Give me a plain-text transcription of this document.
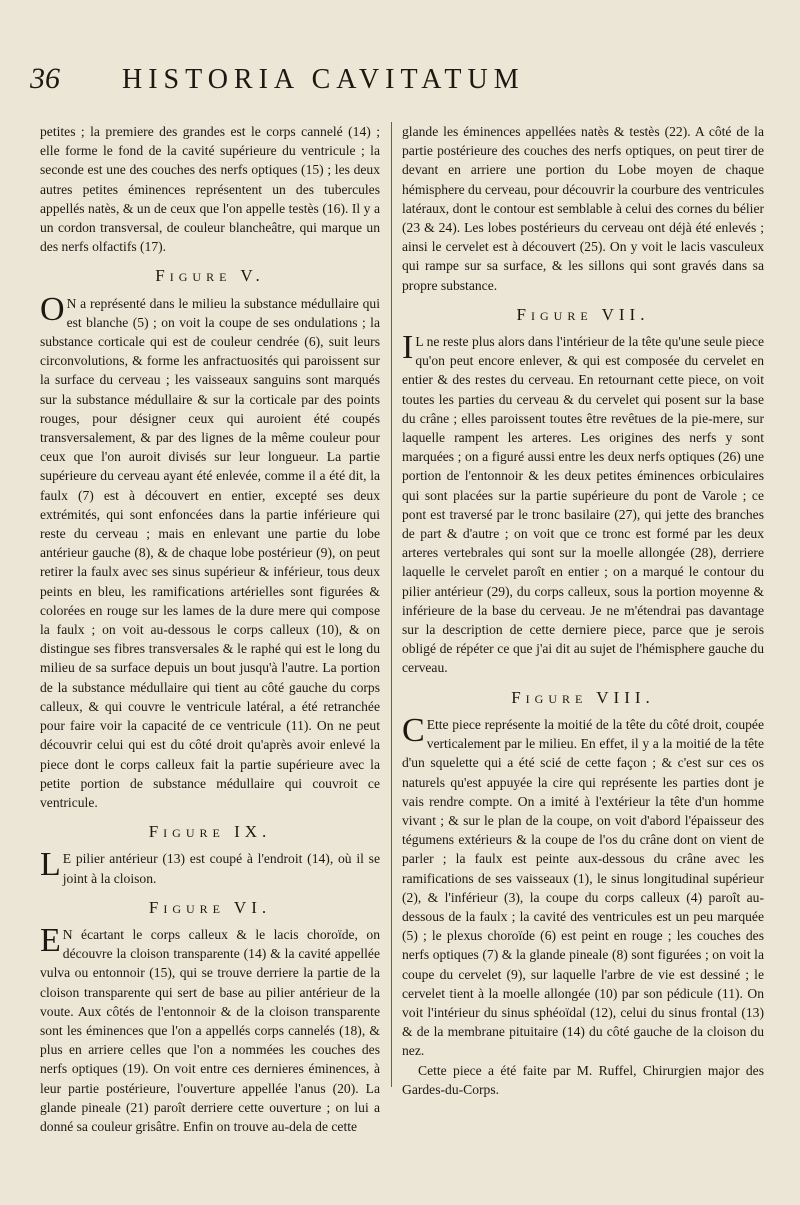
36 HISTORIA CAVITATUM

petites ; la premiere des grandes est le corps cannelé (14) ; elle forme le fond de la cavité supérieure du ventricule ; la seconde est une des couches des nerfs optiques (15) ; les deux autres petites éminences représentent un des tubercules appellés natès, & un de ceux que l'on appelle testès (16). Il y a un cordon transversal, de couleur blancheâtre, qui marque un des nerfs olfactifs (17).

Figure V.

O N a représenté dans le milieu la substance médullaire qui est blanche (5) ; on voit la coupe de ses ondulations ; la substance corticale qui est de couleur cendrée (6), suit leurs circonvolutions, & forme les anfractuosités qui paroissent sur la surface du cerveau ; les vaisseaux sanguins sont marqués sur la substance médullaire & sur la corticale par des points rouges, pour désigner ceux qui auroient été coupés transversalement, & par des lignes de la même couleur pour ceux que l'on auroit divisés sur leur longueur. La partie supérieure du cerveau ayant été enlevée, comme il a été dit, la faulx (7) est à découvert en entier, excepté ses deux extrémités, qui sont enfoncées dans la partie inférieure qui reste du cerveau ; mais en enlevant une partie du lobe antérieur gauche (8), & de chaque lobe postérieur (9), on peut retirer la faulx avec ses sinus supérieur & inférieur, tous deux peints en bleu, les ramifications artérielles sont figurées & colorées en rouge sur les lames de la dure mere qui compose la faulx ; on voit au-dessous le corps calleux (10), & on distingue ses fibres transversales & le raphé qui est le long du milieu de sa surface depuis un bout jusqu'à l'autre. La portion de la substance médullaire qui tient au côté gauche du corps calleux, & qui couvre le ventricule latéral, a été retranchée pour faire voir la capacité de ce ventricule (11). On ne peut découvrir celui qui est du côté droit qu'après avoir enlevé la piece dont le corps calleux fait la partie supérieure avec la petite portion de substance médullaire qui couvroit ce ventricule.

Figure IX.

L E pilier antérieur (13) est coupé à l'endroit (14), où il se joint à la cloison.

Figure VI.

E N écartant le corps calleux & le lacis choroïde, on découvre la cloison transparente (14) & la cavité appellée vulva ou entonnoir (15), qui se trouve derriere la partie de la cloison transparente qui sert de base au pilier antérieur de la voute. Aux côtés de l'entonnoir & de la cloison transparente sont les éminences que l'on a appellés corps cannelés (18), & plus en arriere celles que l'on a nommées les couches des nerfs optiques (19). On voit entre ces dernieres éminences, à leur partie postérieure, l'ouverture appellée l'anus (20). La glande pineale (21) paroît derriere cette ouverture ; on lui a donné sa couleur grisâtre. Enfin on trouve au-dela de cette

glande les éminences appellées natès & testès (22). A côté de la partie postérieure des couches des nerfs optiques, on peut tirer de devant en arriere une portion du Lobe moyen de chaque hémisphere du cerveau, pour découvrir la courbure des ventricules latéraux, dont le contour est semblable à celui des cornes du bélier (23 & 24). Les lobes postérieurs du cerveau ont déjà été enlevés ; ainsi le cervelet est à découvert (25). On y voit le lacis vasculeux qui rampe sur sa surface, & les sillons qui sont gravés dans sa propre substance.

Figure VII.

I L ne reste plus alors dans l'intérieur de la tête qu'une seule piece qu'on peut encore enlever, & qui est composée du cervelet en entier & des restes du cerveau. En retournant cette piece, on voit toutes les parties du cerveau & du cervelet qui posent sur la base du crâne ; elles paroissent toutes être revêtues de la pie-mere, sur laquelle rampent les arteres. Les origines des nerfs y sont marquées ; on a figuré aussi entre les deux nerfs optiques (26) une portion de l'entonnoir & les deux petites éminences orbiculaires qui sont placées sur la partie supérieure du pont de Varole ; ce pont est traversé par le tronc basilaire (27), qui jette des branches de part & d'autre ; on voit que ce tronc est formé par les deux arteres vertebrales qui sont sur la moelle allongée (28), derriere laquelle le cervelet paroît en entier ; on a marqué le contour du pilier antérieur (29), du corps calleux, sous la portion moyenne & inférieure de la base du cerveau. Je ne m'étendrai pas davantage sur la description de cette derniere piece, parce que je serois obligé de répéter ce que j'ai dit au sujet de l'hémisphere gauche du cerveau.

Figure VIII.

C Ette piece représente la moitié de la tête du côté droit, coupée verticalement par le milieu. En effet, il y a la moitié de la tête d'un squelette qui a été scié de cette façon ; & c'est sur ces os naturels qu'est appuyée la cire qui représente les parties dont je vais rendre compte. On a imité à l'extérieur la tête d'un homme vivant ; & sur le plan de la coupe, on voit d'abord l'épaisseur des tégumens extérieurs & la coupe de l'os du crâne dont on vient de parler ; la faulx est peinte aux-dessous du crâne avec les ramifications de ses vaisseaux (1), le sinus longitudinal supérieur (2), & l'inférieur (3), la coupe du corps calleux (4) paroît au-dessous de la faulx ; la cavité des ventricules est un peu marquée (5) ; le plexus choroïde (6) est peint en rouge ; les couches des nerfs optiques (7) & la glande pineale (8) sont figurées ; on voit la coupe du cervelet (9), sur laquelle l'arbre de vie est dessiné ; le cervelet tient à la moelle allongée (10) par son pédicule (11). On voit l'intérieur du sinus sphéoïdal (12), celui du sinus frontal (13) & de la membrane pituitaire (14) du côté gauche de la cloison du nez.

Cette piece a été faite par M. Ruffel, Chirurgien major des Gardes-du-Corps.
